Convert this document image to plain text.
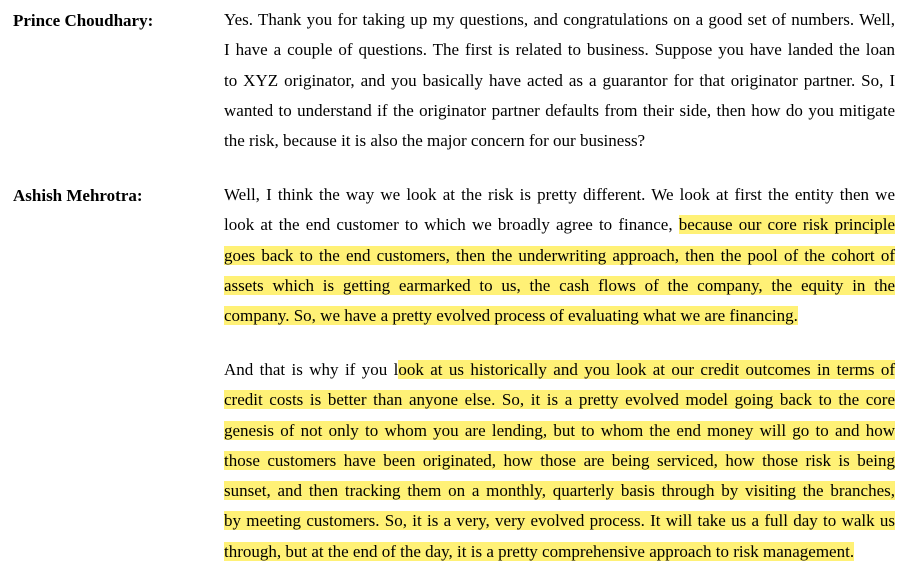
Prince Choudhary:	Yes. Thank you for taking up my questions, and congratulations on a good set of numbers. Well,
I have a couple of questions. The first is related to business. Suppose you have landed the loan
to XYZ originator, and you basically have acted as a guarantor for that originator partner. So, I
wanted to understand if the originator partner defaults from their side, then how do you mitigate
the risk, because it is also the major concern for our business?
Ashish Mehrotra:	Well, I think the way we look at the risk is pretty different. We look at first the entity then we
look at the end customer to which we broadly agree to finance, because our core risk principle
goes back to the end customers, then the underwriting approach, then the pool of the cohort of
assets which is getting earmarked to us, the cash flows of the company, the equity in the
company. So, we have a pretty evolved process of evaluating what we are financing.
And that is why if you look at us historically and you look at our credit outcomes in terms of
credit costs is better than anyone else. So, it is a pretty evolved model going back to the core
genesis of not only to whom you are lending, but to whom the end money will go to and how
those customers have been originated, how those are being serviced, how those risk is being
sunset, and then tracking them on a monthly, quarterly basis through by visiting the branches,
by meeting customers. So, it is a very, very evolved process. It will take us a full day to walk us
through, but at the end of the day, it is a pretty comprehensive approach to risk management.
